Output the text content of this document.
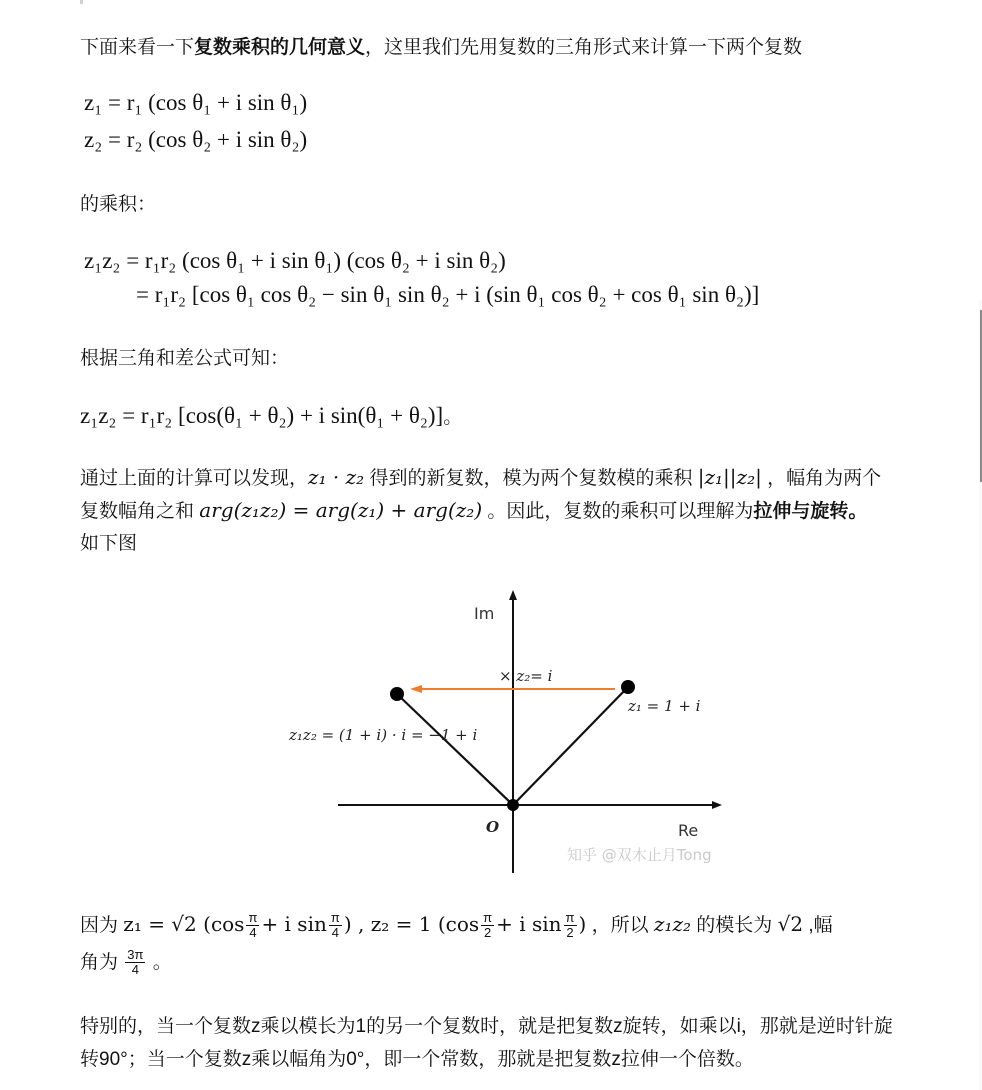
下面来看一下复数乘积的几何意义，这里我们先用复数的三角形式来计算一下两个复数
z₁ = r₁ (cos θ₁ + i sin θ₁)
z₂ = r₂ (cos θ₂ + i sin θ₂)
的乘积：
z₁z₂ = r₁r₂ (cos θ₁ + i sin θ₁) (cos θ₂ + i sin θ₂)
= r₁r₂ [cos θ₁ cos θ₂ − sin θ₁ sin θ₂ + i (sin θ₁ cos θ₂ + cos θ₁ sin θ₂)]
根据三角和差公式可知：
z₁z₂ = r₁r₂ [cos(θ₁ + θ₂) + i sin(θ₁ + θ₂)]。
通过上面的计算可以发现，z₁ · z₂ 得到的新复数，模为两个复数模的乘积 |z₁||z₂| ，幅角为两个
复数幅角之和 arg(z₁z₂) = arg(z₁) + arg(z₂) 。因此，复数的乘积可以理解为拉伸与旋转。
如下图
Im
Re
O
× z₂= i
z₁ = 1 + i
z₁z₂ = (1 + i) · i = −1 + i
知乎 @双木止月Tong
因为 z₁ = √2 ($\cos \frac{\pi}{4} + i$ $\sin \frac{\pi}{4}$ ) , z₂ = 1 ($\cos \frac{\pi}{2} + i$ $\sin \frac{\pi}{2}$ ) ，所以 z₁z₂ 的模长为 √2 ,幅
角为 $\frac{3\pi}{4}$ 。
特别的，当一个复数z乘以模长为1的另一个复数时，就是把复数z旋转，如乘以i，那就是逆时针旋
转90°；当一个复数z乘以幅角为0°，即一个常数，那就是把复数z拉伸一个倍数。
